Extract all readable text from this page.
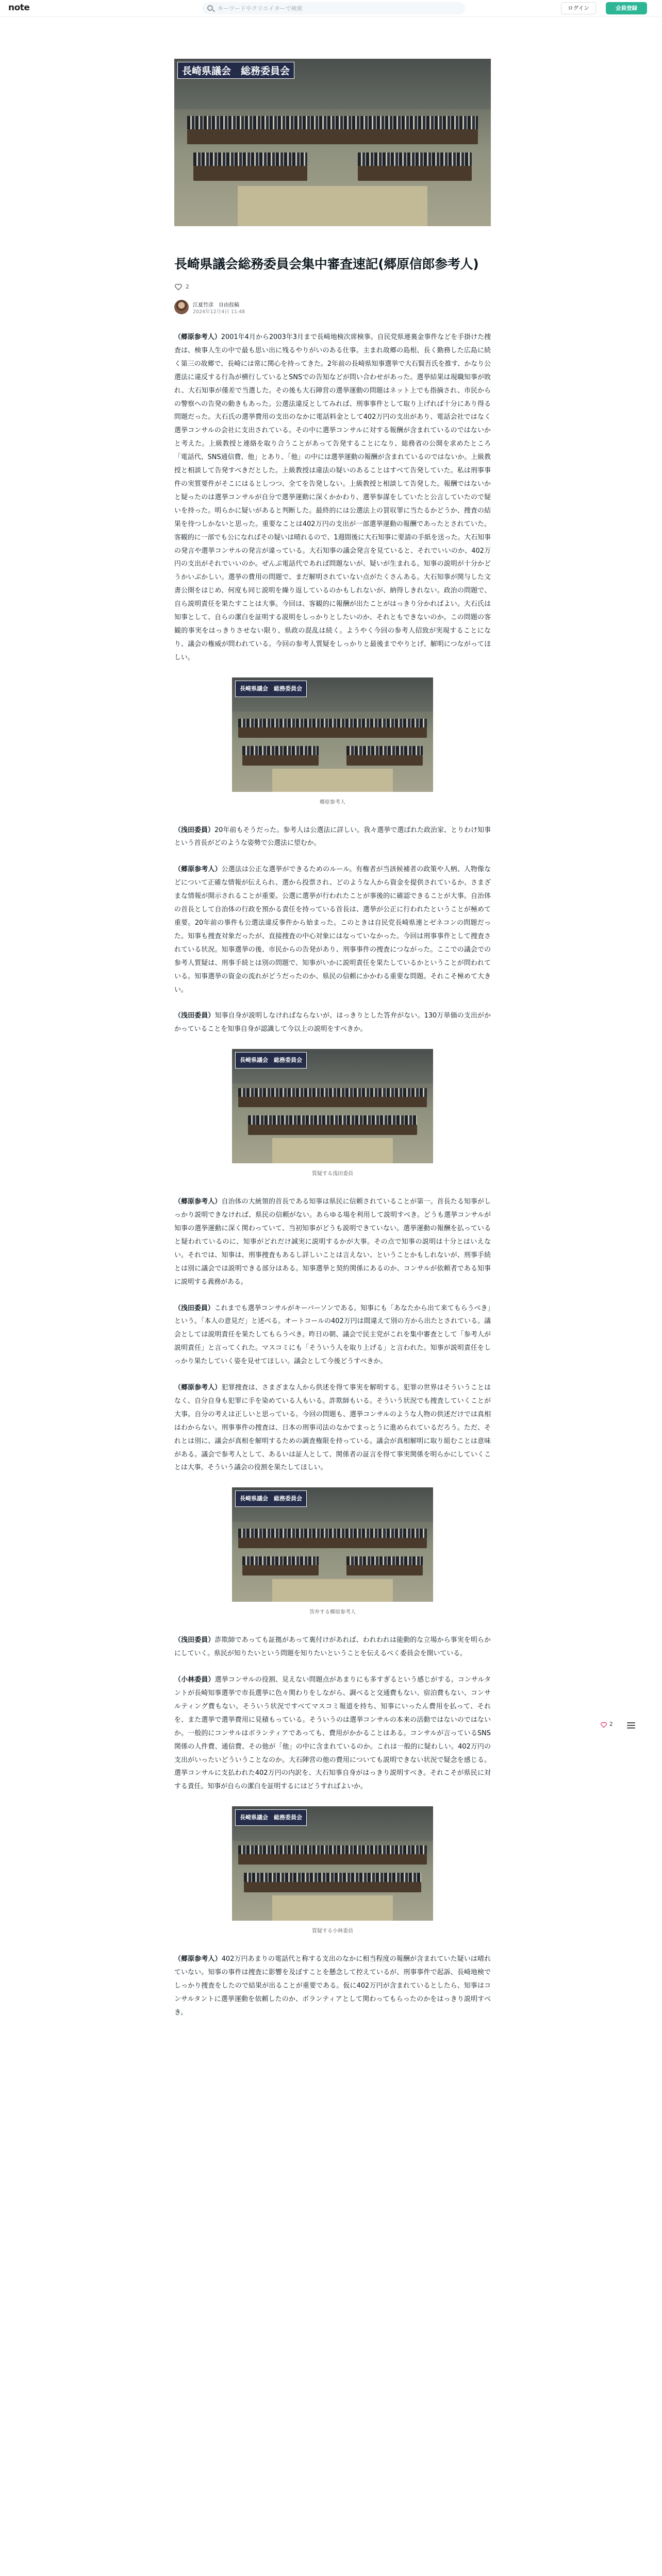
note
キーワードやクリエイターで検索	ログイン	会員登録
長崎県議会　総務委員会
長崎県議会総務委員会集中審査速記(郷原信郎参考人)
2
江夏竹彦　自由投稿
2024年12月4日 11:48

（郷原参考人）2001年4月から2003年3月まで長崎地検次席検事。自民党県連裏金事件などを手掛けた捜査は、検事人生の中で最も思い出に残るやりがいのある仕事。主まれ故郷の島根、長く勤務した広島に続く第三の故郷で、長崎には常に関心を持ってきた。2年前の長崎県知事選挙で大石賢吾氏を推す、かなり公選法に違反する行為が横行しているとSNSでの告知などが問い合わせがあった。選挙結果は現職知事が敗れ、大石知事が僅差で当選した。その後も大石陣営の選挙運動の問題はネット上でも指摘され、市民からの警察への告発の動きもあった。公選法違反としてみれば、刑事事件として取り上げれば十分にあり得る問題だった。大石氏の選挙費用の支出のなかに電話料金として402万円の支出があり、電話会社ではなく選挙コンサルの会社に支出されている。その中に選挙コンサルに対する報酬が含まれているのではないかと考えた。上級教授と連絡を取り合うことがあって告発することになり、総務省の公開を求めたところ「電話代、SNS通信費、他」とあり、「他」の中には選挙運動の報酬が含まれているのではないか。上級教授と相談して告発すべきだとした。上級教授は違法の疑いのあることはすべて告発していた。私は刑事事件の実質要件がそこにはるとしつつ、全てを告発しない。上級教授と相談して告発した。報酬ではないかと疑ったのは選挙コンサルが自分で選挙運動に深くかかわり、選挙参謀をしていたと公言していたので疑いを持った。明らかに疑いがあると判断した。最終的には公選法上の買収罪に当たるかどうか、捜査の結果を待つしかないと思った。重要なことは402万円の支出が一部選挙運動の報酬であったとされていた。客観的に一部でも公になればその疑いは晴れるので、1週間後に大石知事に要請の手紙を送った。大石知事の発言や選挙コンサルの発言が違っている。大石知事の議会発言を見ていると、それでいいのか、402万円の支出がそれでいいのか。ぜんぶ電話代であれば問題ないが、疑いが生まれる。知事の説明が十分かどうかいぶかしい。選挙の費用の問題で、まだ解明されていない点がたくさんある。大石知事が関与した文書公開をはじめ、何度も同じ説明を繰り返しているのかもしれないが、納得しきれない。政治の問題で、自ら説明責任を果たすことは大事。今回は、客観的に報酬が出たことがはっきり分かればよい。大石氏は知事として、自らの潔白を証明する説明をしっかりとしたいのか、それともできないのか。この問題の客観的事実をはっきりさせない限り、県政の混乱は続く。ようやく今回の参考人招致が実現することになり、議会の権威が問われている。今回の参考人質疑をしっかりと最後までやりとげ、解明につながってほしい。

長崎県議会　総務委員会
郷原参考人

（浅田委員）20年前もそうだった。参考人は公選法に詳しい。我々選挙で選ばれた政治家、とりわけ知事という首長がどのような姿勢で公選法に望むか。

（郷原参考人）公選法は公正な選挙ができるためのルール。有権者が当該候補者の政策や人柄、人物像などについて正確な情報が伝えられ、選から投票され、どのような人から資金を提供されているか、さまざまな情報が開示されることが重要。公選に選挙が行われたことが事後的に確認できることが大事。自治体の首長として自治体の行政を預かる責任を持っている首長は、選挙が公正に行われたということが極めて重要。20年前の事件も公選法違反事件から始まった。このときは自民党長崎県連とゼネコンの問題だった。知事も捜査対象だったが、直接捜査の中心対象にはなっていなかった。今回は刑事事件として捜査されている状況。知事選挙の後、市民からの告発があり、刑事事件の捜査につながった。ここでの議会での参考人質疑は、刑事手続とは別の問題で、知事がいかに説明責任を果たしているかということが問われている。知事選挙の資金の流れがどうだったのか、県民の信頼にかかわる重要な問題。それこそ極めて大きい。

（浅田委員）知事自身が説明しなければならないが、はっきりとした答弁がない。130万単価の支出がかかっていることを知事自身が認識して今以上の説明をすべきか。

長崎県議会　総務委員会
質疑する浅田委員

（郷原参考人）自治体の大統領的首長である知事は県民に信頼されていることが第一。首長たる知事がしっかり説明できなければ、県民の信頼がない。あらゆる場を利用して説明すべき。どうも選挙コンサルが知事の選挙運動に深く関わっていて、当初知事がどうも説明できていない。選挙運動の報酬を払っていると疑われているのに、知事がどれだけ誠実に説明するかが大事。その点で知事の説明は十分とはいえない。それでは、知事は、刑事捜査もあるし詳しいことは言えない、ということかもしれないが、刑事手続とは別に議会では説明できる部分はある。知事選挙と契約関係にあるのか、コンサルが依頼者である知事に説明する義務がある。

（浅田委員）これまでも選挙コンサルがキーパーソンである。知事にも「あなたから出て来てもらうべき」という。「本人の意見だ」と述べる。オートコールの402万円は間違えて別の方から出たとされている。議会としては説明責任を果たしてもらうべき。昨日の朝、議会で民主党がこれを集中審査として「参考人が説明責任」と言ってくれた。マスコミにも「そういう人を取り上げる」と言われた。知事が説明責任をしっかり果たしていく姿を見せてほしい。議会として今後どうすべきか。

（郷原参考人）犯罪捜査は、さまざまな人から供述を得て事実を解明する。犯罪の世界はそういうことはなく、自分自身も犯罪に手を染めている人もいる。詐欺師もいる。そういう状況でも捜査していくことが大事。自分の考えは正しいと思っている。今回の問題も、選挙コンサルのような人物の供述だけでは真相はわからない。刑事事件の捜査は、日本の刑事司法のなかでまっとうに進められているだろう。ただ、それとは別に、議会が真相を解明するための調査権限を持っている。議会が真相解明に取り組むことは意味がある。議会で参考人として、あるいは証人として、関係者の証言を得て事実関係を明らかにしていくことは大事。そういう議会の役割を果たしてほしい。

長崎県議会　総務委員会
答弁する郷原参考人

（浅田委員）詐欺師であっても証拠があって裏付けがあれば、われわれは能動的な立場から事実を明らかにしていく。県民が知りたいという問題を知りたいということを伝えるべく委員会を開いている。

（小林委員）選挙コンサルの役割、見えない問題点があまりにも多すぎるという感じがする。コンサルタントが長崎知事選挙で市長選挙に色々関わりをしながら、調べると交通費もない、宿泊費もない、コンサルティング費もない。そういう状況ですべてマスコミ報道を持ち、知事にいったん費用を払って、それを、また選挙で選挙費用に見積もっている。そういうのは選挙コンサルの本来の活動ではないのではないか。一般的にコンサルはボランティアであっても、費用がかかることはある。コンサルが言っているSNS関係の人件費、通信費、その他が「他」の中に含まれているのか。これは一般的に疑わしい。402万円の支出がいったいどういうことなのか。大石陣営の他の費用についても説明できない状況で疑念を感じる。選挙コンサルに支払われた402万円の内訳を、大石知事自身がはっきり説明すべき。それこそが県民に対する責任。知事が自らの潔白を証明するにはどうすればよいか。

長崎県議会　総務委員会
質疑する小林委員

（郷原参考人）402万円あまりの電話代と称する支出のなかに相当程度の報酬が含まれていた疑いは晴れていない。知事の事件は捜査に影響を及ぼすことを懸念して控えているが、刑事事件で起訴、長崎地検でしっかり捜査をしたので結果が出ることが重要である。仮に402万円が含まれているとしたら、知事はコンサルタントに選挙運動を依頼したのか、ボランティアとして関わってもらったのかをはっきり説明すべき。

2
